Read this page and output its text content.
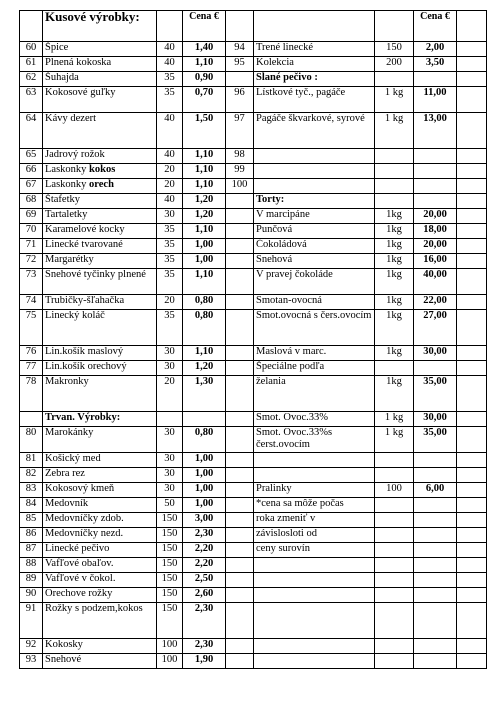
	Kusové výrobky:		Cena €				Cena €	
60	Špice	40	1,40	94	Trené linecké	150	2,00	
61	Plnená kokoska	40	1,10	95	Kolekcia	200	3,50	
62	Šuhajda	35	0,90		Slané pečivo :			
63	Kokosové guľky	35	0,70	96	Lístkové tyč., pagáče	1 kg	11,00	
64	Kávy dezert	40	1,50	97	Pagáče škvarkové, syrové	1 kg	13,00	
65	Jadrový rožok	40	1,10	98				
66	Laskonky kokos	20	1,10	99				
67	Laskonky orech	20	1,10	100				
68	Štafetky	40	1,20		Torty:			
69	Tartaletky	30	1,20		V marcipáne	1kg	20,00	
70	Karamelové kocky	35	1,10		Punčová	1kg	18,00	
71	Linecké tvarované	35	1,00		Čokoládová	1kg	20,00	
72	Margarétky	35	1,00		Snehová	1kg	16,00	
73	Snehové tyčinky plnené	35	1,10		V pravej čokoláde	1kg	40,00	
74	Trubičky-šľahačka	20	0,80		Smotan-ovocná	1kg	22,00	
75	Linecký koláč	35	0,80		Smot.ovocná s čers.ovocím	1kg	27,00	
76	Lin.košík maslový	30	1,10		Maslová v marc.	1kg	30,00	
77	Lin.košík orechový	30	1,20		Špeciálne podľa			
78	Makronky	20	1,30		želania	1kg	35,00	
	Trvan. Výrobky:				Smot. Ovoc.33%	1 kg	30,00	
80	Marokánky	30	0,80		Smot. Ovoc.33%s čerst.ovocím	1 kg	35,00	
81	Košický med	30	1,00					
82	Zebra rez	30	1,00					
83	Kokosový kmeň	30	1,00		Pralinky	100	6,00	
84	Medovník	50	1,00		*cena sa môže počas			
85	Medovníčky zdob.	150	3,00		roka zmeniť v			
86	Medovníčky nezd.	150	2,30		závislosloti od			
87	Linecké pečivo	150	2,20		ceny surovín			
88	Vafľové obaľov.	150	2,20					
89	Vafľové v čokol.	150	2,50					
90	Orechove rožky	150	2,60					
91	Rožky s podzem,kokos	150	2,30					
92	Kokosky	100	2,30					
93	Snehové	100	1,90					
